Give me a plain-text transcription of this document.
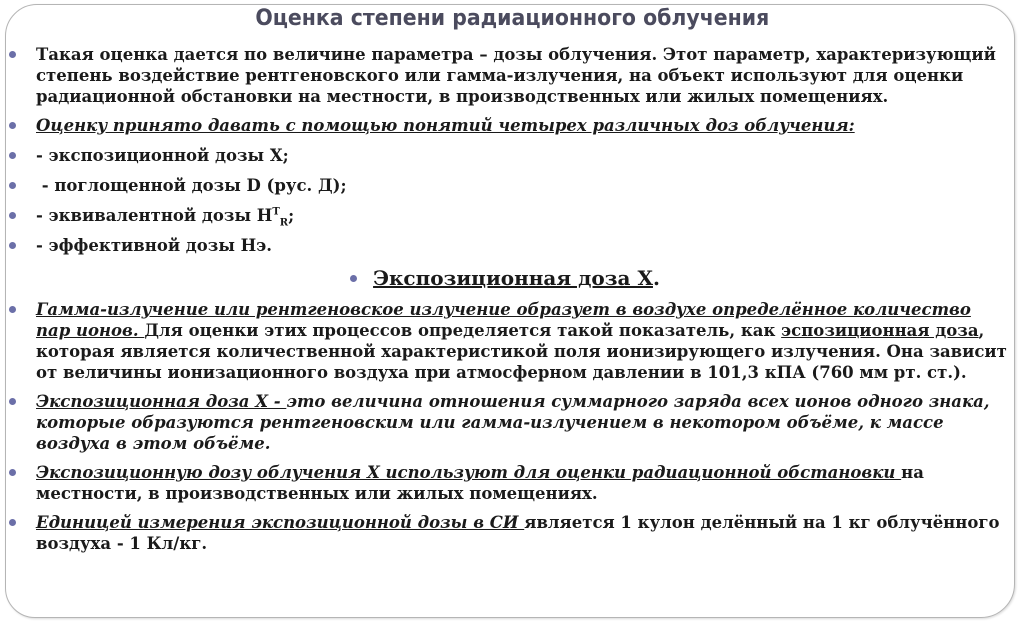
Оценка степени радиационного облучения
Такая оценка дается по величине параметра – дозы облучения. Этот параметр, характеризующий степень воздействие рентгеновского или гамма-излучения, на объект используют для оценки радиационной обстановки на местности, в производственных или жилых помещениях.
Оценку принято давать с помощью понятий четырех различных доз облучения:
- экспозиционной дозы Х;
- поглощенной дозы D (рус. Д);
- эквивалентной дозы $Н^Т_R$;
- эффективной дозы Нэ.
Экспозиционная доза Х.
Гамма-излучение или рентгеновское излучение образует в воздухе определённое количество пар ионов. Для оценки этих процессов определяется такой показатель, как эспозиционная доза, которая является количественной характеристикой поля ионизирующего излучения. Она зависит от величины ионизационного воздуха при атмосферном давлении в 101,3 кПА (760 мм рт. ст.).
Экспозиционная доза Х - это величина отношения суммарного заряда всех ионов одного знака, которые образуются рентгеновским или гамма-излучением в некотором объёме, к массе воздуха в этом объёме.
Экспозиционную дозу облучения Х используют для оценки радиационной обстановки на местности, в производственных или жилых помещениях.
Единицей измерения экспозиционной дозы в СИ является 1 кулон делённый на 1 кг облучённого воздуха - 1 Кл/кг.
